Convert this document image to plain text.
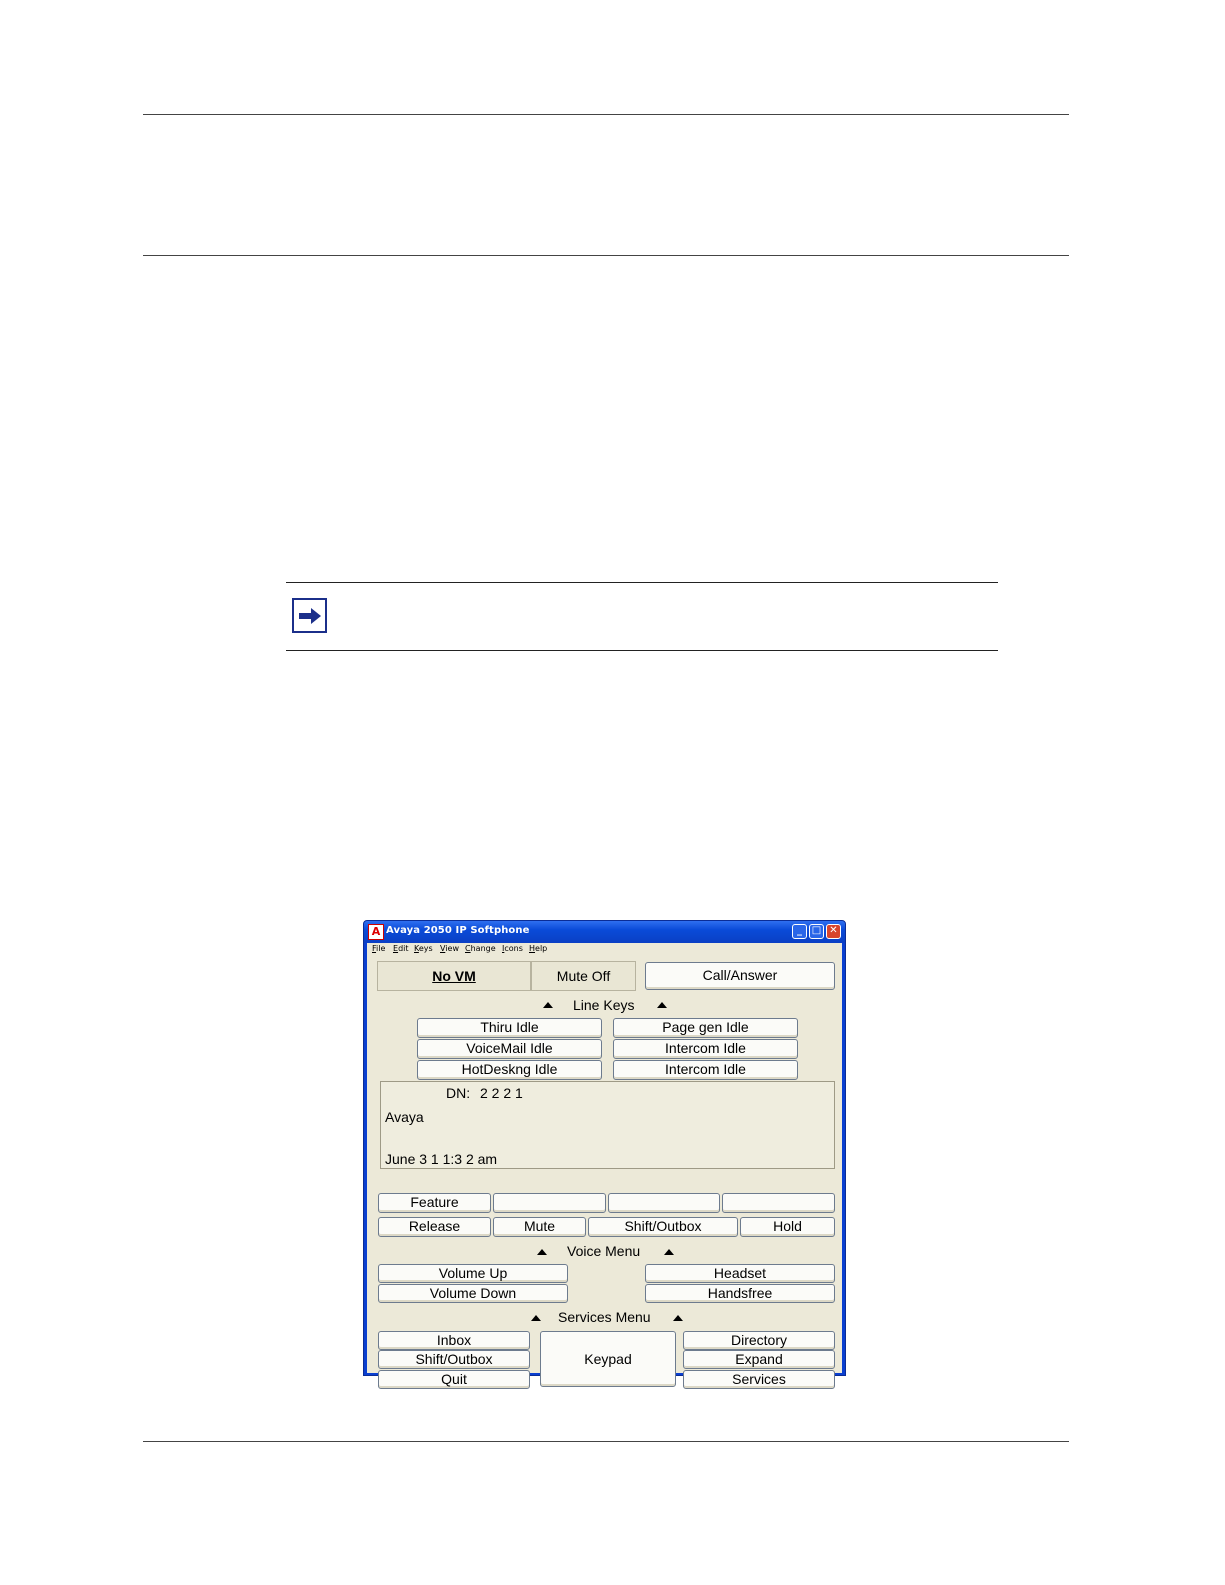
A Avaya 2050 IP Softphone	_ □ ✕
File Edit Keys View Change Icons Help
No VM	Mute Off	Call/Answer
Line Keys
Thiru Idle	Page gen Idle
VoiceMail Idle	Intercom Idle
HotDeskng Idle	Intercom Idle
DN: 2 2 2 1
Avaya
June 3 1 1:3 2 am
Feature
Release	Mute	Shift/Outbox	Hold
Voice Menu
Volume Up
Volume Down
Headset
Handsfree
Services Menu
Inbox
Shift/Outbox
Quit
Keypad
Directory
Expand
Services
